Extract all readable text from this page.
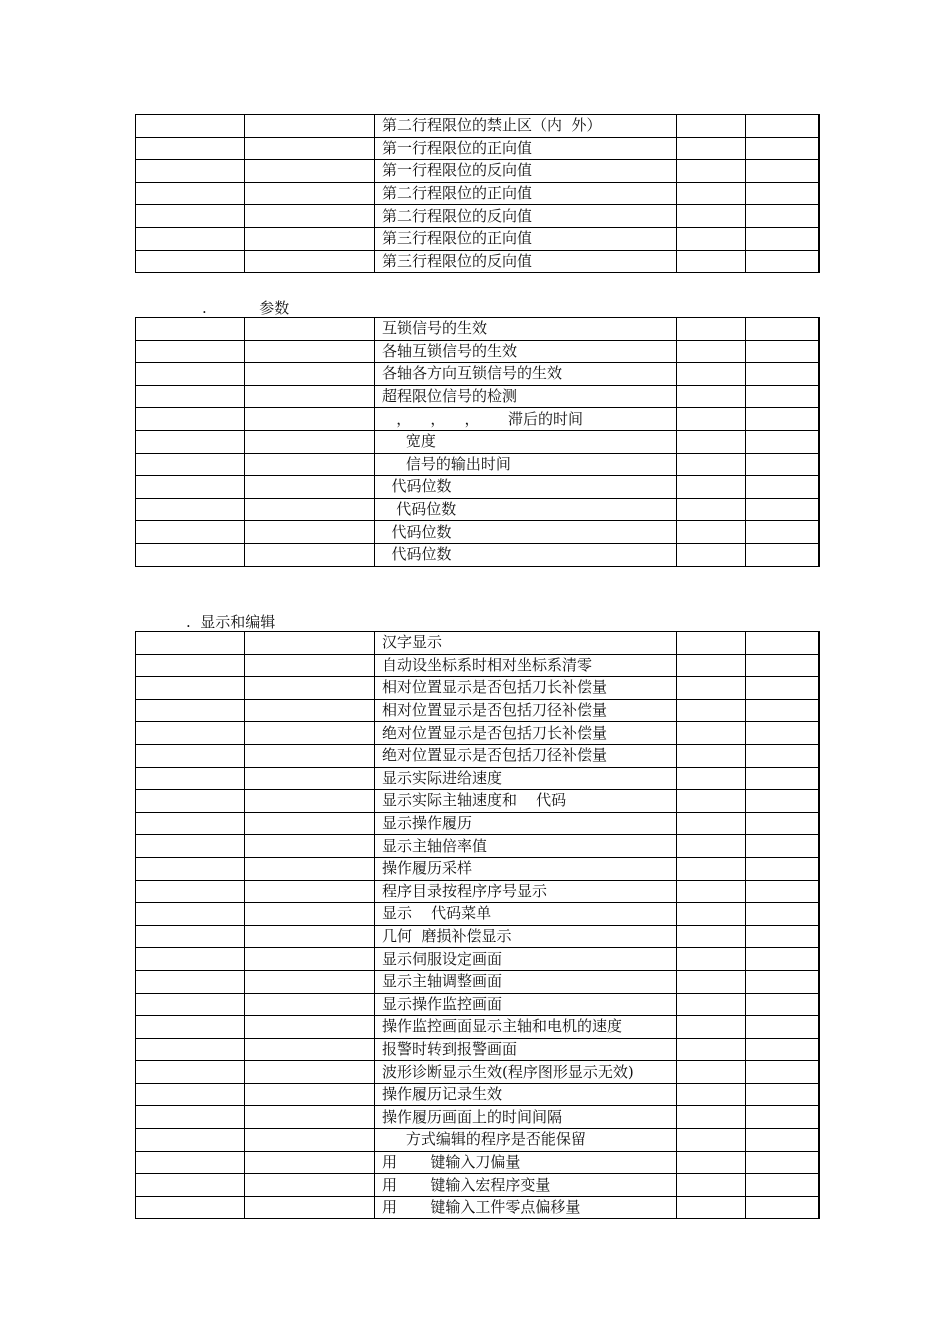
		第二行程限位的禁止区（内  外）		
		第一行程限位的正向值		
		第一行程限位的反向值		
		第二行程限位的正向值		
		第二行程限位的反向值		
		第三行程限位的正向值		
		第三行程限位的反向值		
.           参数
		互锁信号的生效		
		各轴互锁信号的生效		
		各轴各方向互锁信号的生效		
		超程限位信号的检测		
		，    ，    ，      滞后的时间		
		宽度		
		信号的输出时间		
		代码位数		
		代码位数		
		代码位数		
		代码位数		
.  显示和编辑
		汉字显示		
		自动设坐标系时相对坐标系清零		
		相对位置显示是否包括刀长补偿量		
		相对位置显示是否包括刀径补偿量		
		绝对位置显示是否包括刀长补偿量		
		绝对位置显示是否包括刀径补偿量		
		显示实际进给速度		
		显示实际主轴速度和    代码		
		显示操作履历		
		显示主轴倍率值		
		操作履历采样		
		程序目录按程序序号显示		
		显示    代码菜单		
		几何  磨损补偿显示		
		显示伺服设定画面		
		显示主轴调整画面		
		显示操作监控画面		
		操作监控画面显示主轴和电机的速度		
		报警时转到报警画面		
		波形诊断显示生效(程序图形显示无效)		
		操作履历记录生效		
		操作履历画面上的时间间隔		
		方式编辑的程序是否能保留		
		用       键输入刀偏量		
		用       键输入宏程序变量		
		用       键输入工件零点偏移量		
